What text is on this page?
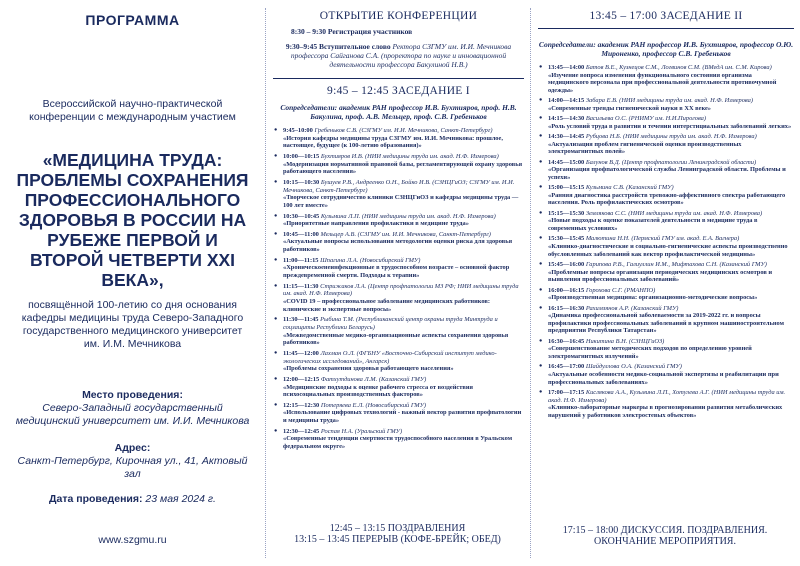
ПРОГРАММА
Всероссийской научно-практической конференции с международным участием
«МЕДИЦИНА ТРУДА: ПРОБЛЕМЫ СОХРАНЕНИЯ ПРОФЕССИОНАЛЬНОГО ЗДОРОВЬЯ В РОССИИ НА РУБЕЖЕ ПЕРВОЙ И ВТОРОЙ ЧЕТВЕРТИ XXI ВЕКА»,
посвящённой 100-летию со дня основания кафедры медицины труда Северо-Западного государственного медицинского университет им. И.М. Мечникова
Место проведения:
Северо-Западный государственный медицинский университет им. И.И. Мечникова
Адрес:
Санкт-Петербург, Кирочная ул., 41, Актовый зал
Дата проведения: 23 мая 2024 г.
www.szgmu.ru
ОТКРЫТИЕ КОНФЕРЕНЦИИ
8:30 – 9:30 Регистрация участников
9:30–9:45 Вступительное слово Ректора СЗГМУ им. И.И. Мечникова профессора Сайганова С.А. (проректора по науке и инновационной деятельности профессора Бакулиной Н.В.)
9:45 – 12:45 ЗАСЕДАНИЕ I
Сопредседатели: академик РАН профессор И.В. Бухтияров, проф. Н.В. Бакулина, проф. А.В. Мельцер, проф. С.В. Гребеньков
● 9:45–10:00 Гребеньков С.В. (СЗГМУ им. И.И. Мечникова, Санкт-Петербург)
«История кафедры медицины труда СЗГМУ им. И.И. Мечникова: прошлое, настоящее, будущее (к 100-летию образования)»
● 10:00—10:15 Бухтияров И.В. (НИИ медицины труда им. акад. Н.Ф. Измерова)
«Модернизация нормативной правовой базы, регламентирующей охрану здоровья работающего населения»
● 10:15—10:30 Бушуев Р.В., Андреенко О.Н., Бойко И.В. (СЗНЦГиОЗ; СЗГМУ им. И.И. Мечникова, Санкт-Петербург)
«Творческое сотрудничество клиники СЗНЦГиОЗ и кафедры медицины труда — 100 лет вместе»
● 10:30—10:45 Кузьмина Л.П. (НИИ медицины труда им. акад. Н.Ф. Измерова)
«Приоритетные направления профилактики в медицине труда»
● 10:45—11:00 Мельцер А.В. (СЗГМУ им. И.И. Мечникова, Санкт-Петербург)
«Актуальные вопросы использования методологии оценки риска для здоровья работников»
● 11:00—11:15 Шпагина Л.А. (Новосибирский ГМУ)
«Хроническоенеинфекционные в трудоспособном возрасте – основной фактор преждевременной смерти. Подходы к терапии»
● 11:15—11:30 Стрижаков Л.А. (Центр профпатологии МЗ РФ; НИИ медицины труда им. акад. Н.Ф. Измерова)
«COVID 19 – профессиональное заболевание медицинских работников: клинические и экспертные вопросы»
● 11:30—11:45 Рыбина Т.М. (Республиканский центр охраны труда Минтруда и соцзащиты Республики Беларусь)
«Межведомственные медико-организационные аспекты сохранения здоровья работников»
● 11:45—12:00 Лахман О.Л. (ФГБНУ «Восточно-Сибирский институт медико-экологических исследований», Ангарск)
«Проблемы сохранения здоровья работающего населения»
● 12:00—12:15 Фатхутдинова Л.М. (Казанский ГМУ)
«Медицинские подходы к оценке рабочего стресса от воздействия психосоциальных производственных факторов»
● 12:15—12:30 Потеряева Е.Л. (Новосибирский ГМУ)
«Использование цифровых технологий - важный вектор развития профпатологии и медицины труда»
● 12:30—12:45 Роспая Н.А. (Уральский ГМУ)
«Современные тенденции смертности трудоспособного населения в Уральском федеральном округе»
12:45 – 13:15 ПОЗДРАВЛЕНИЯ
13:15 – 13:45 ПЕРЕРЫВ (КОФЕ-БРЕЙК; ОБЕД)
13:45 – 17:00 ЗАСЕДАНИЕ II
Сопредседатели: академик РАН профессор И.В. Бухтияров, профессор О.Ю. Мироненко, профессор С.В. Гребеньков
● 13:45—14:00 Батов В.Е., Кузнецов С.М., Логвинов С.М. (ВМедА им. С.М. Кирова)
«Изучение вопроса изменения функционального состояния организма медицинского персонала при профессиональной деятельности противочумной одежды»
● 14:00—14:15 Забара Е.В. (НИИ медицины труда им. акад. Н.Ф. Измерова)
«Современные тренды гигиенической науки в XX веке»
● 14:15—14:30 Васильева О.С. (РНИМУ им. Н.И.Пирогова)
«Роль условий труда в развитии и течении интерстициальных заболеваний легких»
● 14:30—14:45 Рубцова Н.Б. (НИИ медицины труда им. акад. Н.Ф. Измерова)
«Актуализация проблем гигиенической оценки производственных электромагнитных полей»
● 14:45—15:00 Балунов В.Д. (Центр профпатологии Ленинградской области)
«Организация профпатологической службы Ленинградской области. Проблемы и успехи»
● 15:00—15:15 Кузьмина С.В. (Казанский ГМУ)
«Ранняя диагностика расстройств тревожно-аффективного спектра работающего населения. Роль профилактических осмотров»
● 15:15—15:30 Землякова С.С. (НИИ медицины труда им. акад. Н.Ф. Измерова)
«Новые подходы к оценке показателей деятельности в медицине труда в современных условиях»
● 15:30—15:45 Малютина Н.Н. (Пермский ГМУ им. акад. Е.А. Вагнера)
«Клинико-диагностические и социально-гигиенические аспекты производственно обусловленных заболеваний как вектор профилактической медицины»
● 15:45—16:00 Гарипова Р.В., Галиуллин И.М., Мифтахова С.Н. (Казанский ГМУ)
«Проблемные вопросы организации периодических медицинских осмотров и выявления профессиональных заболеваний»
● 16:00—16:15 Горохова С.Г. (РМАНПО)
«Производственная медицина: организационно-методические вопросы»
● 16:15—16:30 Рахимзянов А.Р. (Казанский ГМУ)
«Динамика профессиональной заболеваемости за 2019-2022 гг. и вопросы профилактики профессиональных заболеваний в крупном машиностроительном предприятии Республики Татарстан»
● 16:30—16:45 Никитина В.Н. (СЗНЦГиОЗ)
«Совершенствование методических подходов по определению уровней электромагнитных излучений»
● 16:45—17:00 Шайдуллова О.А. (Казанский ГМУ)
«Актуальные особенности медико-социальной экспертизы и реабилитации при профессиональных заболеваниях»
● 17:00—17:15 Кислякова А.А., Кузьмина Л.П., Хотулева А.Г. (НИИ медицины труда им. акад. Н.Ф. Измерова)
«Клинико-лабораторные маркеры в прогнозировании развития метаболических нарушений у работников электростевых объектов»
17:15 – 18:00 ДИСКУССИЯ. ПОЗДРАВЛЕНИЯ.
ОКОНЧАНИЕ МЕРОПРИЯТИЯ.
